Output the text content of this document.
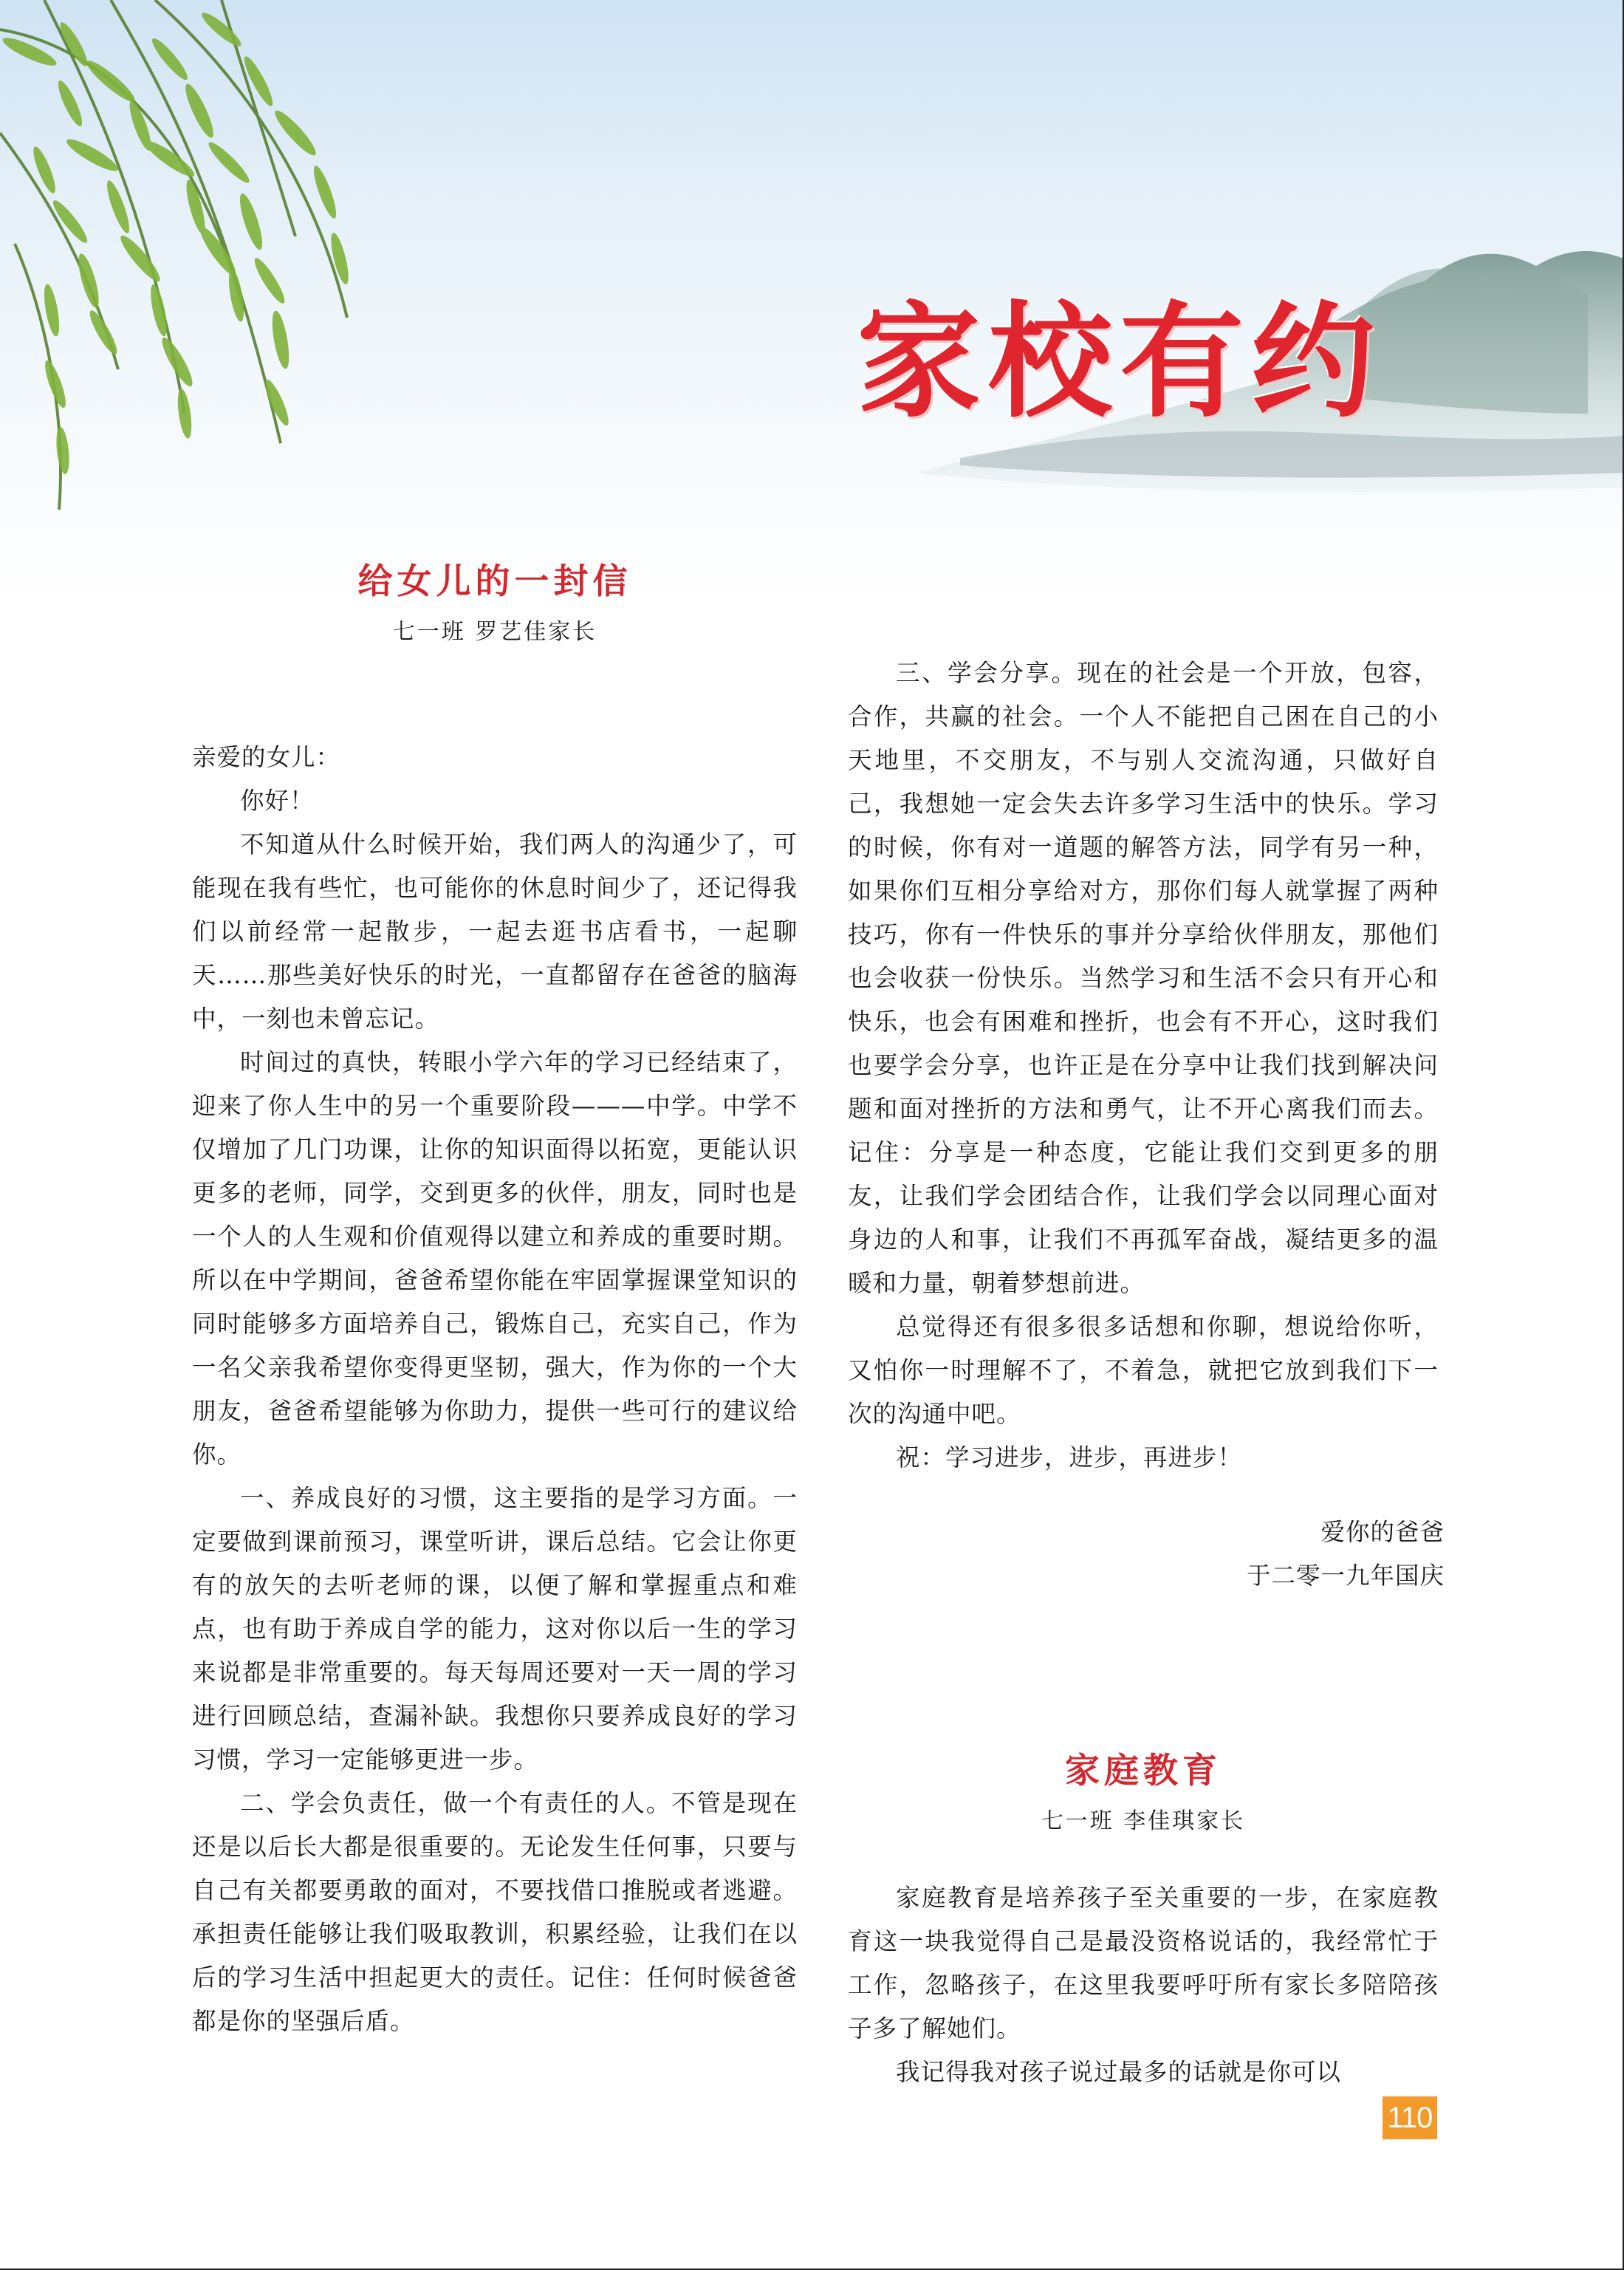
家校有约
给女儿的一封信
七一班 罗艺佳家长

亲爱的女儿：

你好！

不知道从什么时候开始，我们两人的沟通少了，可能现在我有些忙，也可能你的休息时间少了，还记得我们以前经常一起散步，一起去逛书店看书，一起聊天……那些美好快乐的时光，一直都留存在爸爸的脑海中，一刻也未曾忘记。

时间过的真快，转眼小学六年的学习已经结束了，迎来了你人生中的另一个重要阶段———中学。中学不仅增加了几门功课，让你的知识面得以拓宽，更能认识更多的老师，同学，交到更多的伙伴，朋友，同时也是一个人的人生观和价值观得以建立和养成的重要时期。所以在中学期间，爸爸希望你能在牢固掌握课堂知识的同时能够多方面培养自己，锻炼自己，充实自己，作为一名父亲我希望你变得更坚韧，强大，作为你的一个大朋友，爸爸希望能够为你助力，提供一些可行的建议给你。

一、养成良好的习惯，这主要指的是学习方面。一定要做到课前预习，课堂听讲，课后总结。它会让你更有的放矢的去听老师的课，以便了解和掌握重点和难点，也有助于养成自学的能力，这对你以后一生的学习来说都是非常重要的。每天每周还要对一天一周的学习进行回顾总结，查漏补缺。我想你只要养成良好的学习习惯，学习一定能够更进一步。

二、学会负责任，做一个有责任的人。不管是现在还是以后长大都是很重要的。无论发生任何事，只要与自己有关都要勇敢的面对，不要找借口推脱或者逃避。承担责任能够让我们吸取教训，积累经验，让我们在以后的学习生活中担起更大的责任。记住：任何时候爸爸都是你的坚强后盾。

三、学会分享。现在的社会是一个开放，包容，合作，共赢的社会。一个人不能把自己困在自己的小天地里，不交朋友，不与别人交流沟通，只做好自己，我想她一定会失去许多学习生活中的快乐。学习的时候，你有对一道题的解答方法，同学有另一种，如果你们互相分享给对方，那你们每人就掌握了两种技巧，你有一件快乐的事并分享给伙伴朋友，那他们也会收获一份快乐。当然学习和生活不会只有开心和快乐，也会有困难和挫折，也会有不开心，这时我们也要学会分享，也许正是在分享中让我们找到解决问题和面对挫折的方法和勇气，让不开心离我们而去。记住：分享是一种态度，它能让我们交到更多的朋友，让我们学会团结合作，让我们学会以同理心面对身边的人和事，让我们不再孤军奋战，凝结更多的温暖和力量，朝着梦想前进。

总觉得还有很多很多话想和你聊，想说给你听，又怕你一时理解不了，不着急，就把它放到我们下一次的沟通中吧。

祝：学习进步，进步，再进步！

爱你的爸爸
于二零一九年国庆
家庭教育
七一班 李佳琪家长

家庭教育是培养孩子至关重要的一步，在家庭教育这一块我觉得自己是最没资格说话的，我经常忙于工作，忽略孩子，在这里我要呼吁所有家长多陪陪孩子多了解她们。

我记得我对孩子说过最多的话就是你可以

110
